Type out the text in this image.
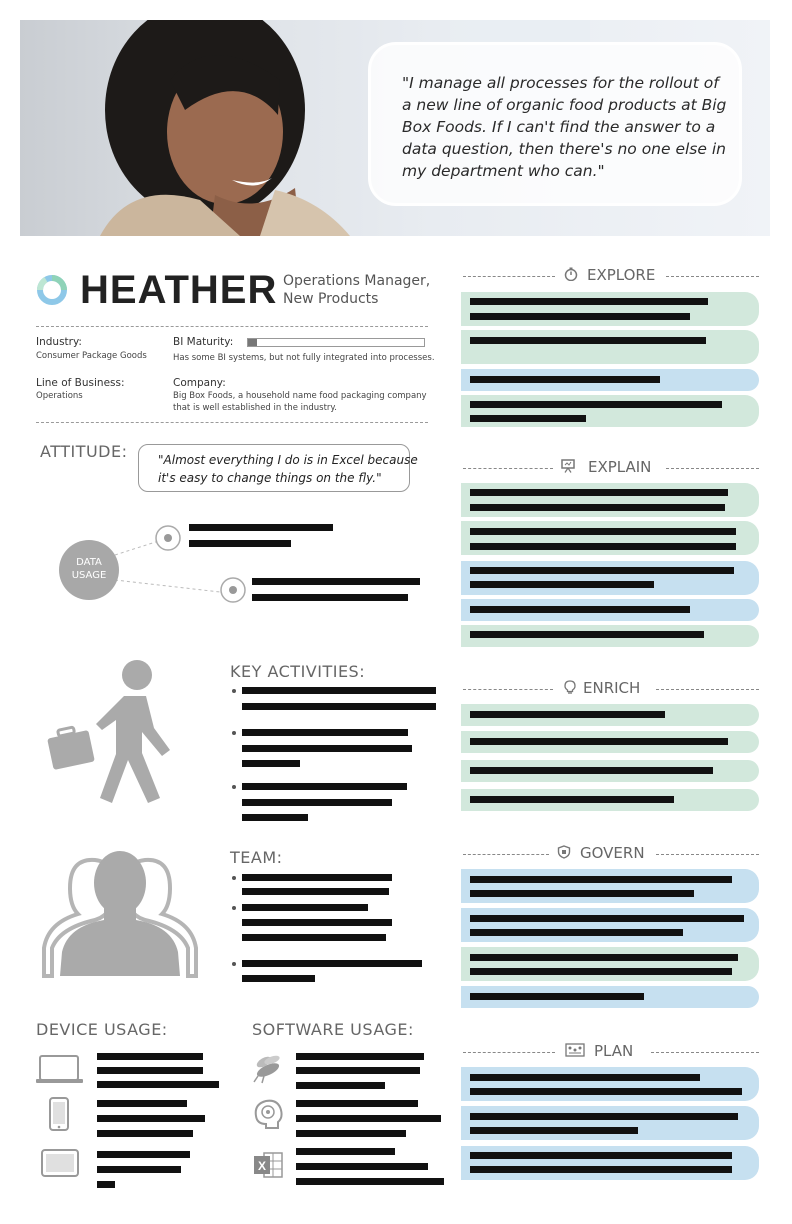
"I manage all processes for the rollout of a new line of organic food products at Big Box Foods. If I can't find the answer to a data question, then there's no one else in my department who can."
HEATHER Operations Manager,
New Products
Industry:
Consumer Package Goods
BI Maturity:
Has some BI systems, but not fully integrated into processes.
Line of Business:
Operations
Company:
Big Box Foods, a household name food packaging company
that is well established in the industry.
ATTITUDE:	"Almost everything I do is in Excel because
it's easy to change things on the fly."
DATA
USAGE
KEY ACTIVITIES:
TEAM:
DEVICE USAGE:	SOFTWARE USAGE:
X
EXPLORE
EXPLAIN
ENRICH
GOVERN
PLAN
